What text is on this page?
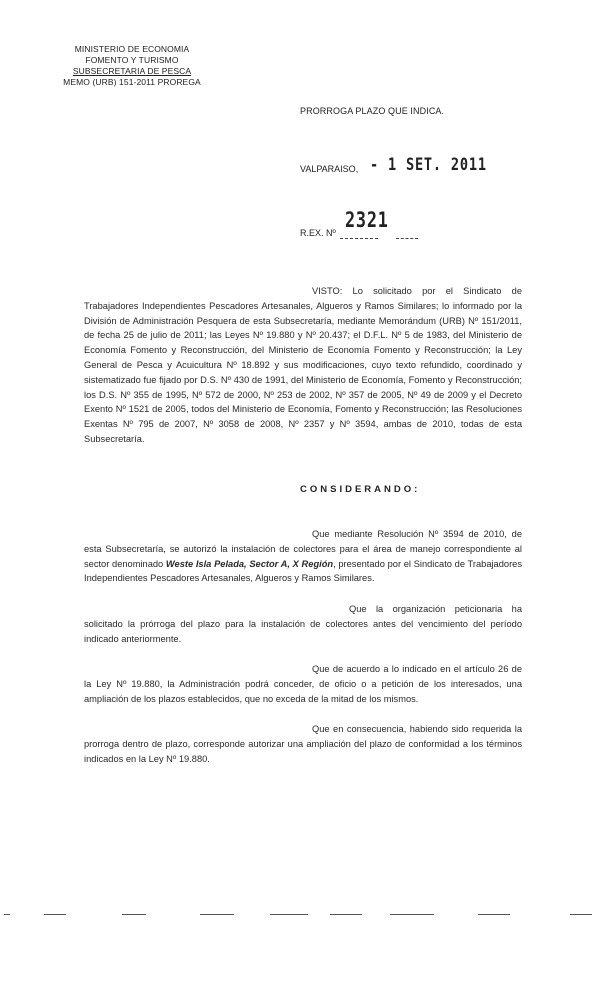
MINISTERIO DE ECONOMIA
FOMENTO Y TURISMO
SUBSECRETARIA DE PESCA
MEMO (URB) 151-2011 PROREGA
PRORROGA PLAZO QUE INDICA.
VALPARAISO, - 1 SET. 2011
R.EX. Nº
2321
VISTO: Lo solicitado por el Sindicato de Trabajadores Independientes Pescadores Artesanales, Algueros y Ramos Similares; lo informado por la División de Administración Pesquera de esta Subsecretaría, mediante Memorándum (URB) Nº 151/2011, de fecha 25 de julio de 2011; las Leyes Nº 19.880 y Nº 20.437; el D.F.L. Nº 5 de 1983, del Ministerio de Economía Fomento y Reconstrucción, del Ministerio de Economía Fomento y Reconstrucción; la Ley General de Pesca y Acuicultura Nº 18.892 y sus modificaciones, cuyo texto refundido, coordinado y sistematizado fue fijado por D.S. Nº 430 de 1991, del Ministerio de Economía, Fomento y Reconstrucción; los D.S. Nº 355 de 1995, Nº 572 de 2000, Nº 253 de 2002, Nº 357 de 2005, Nº 49 de 2009 y el Decreto Exento Nº 1521 de 2005, todos del Ministerio de Economía, Fomento y Reconstrucción; las Resoluciones Exentas Nº 795 de 2007, Nº 3058 de 2008, Nº 2357 y Nº 3594, ambas de 2010, todas de esta Subsecretaría.
CONSIDERANDO:
Que mediante Resolución Nº 3594 de 2010, de esta Subsecretaría, se autorizó la instalación de colectores para el área de manejo correspondiente al sector denominado Weste Isla Pelada, Sector A, X Región, presentado por el Sindicato de Trabajadores Independientes Pescadores Artesanales, Algueros y Ramos Similares.
Que la organización peticionaria ha solicitado la prórroga del plazo para la instalación de colectores antes del vencimiento del período indicado anteriormente.
Que de acuerdo a lo indicado en el artículo 26 de la Ley Nº 19.880, la Administración podrá conceder, de oficio o a petición de los interesados, una ampliación de los plazos establecidos, que no exceda de la mitad de los mismos.
Que en consecuencia, habiendo sido requerida la prorroga dentro de plazo, corresponde autorizar una ampliación del plazo de conformidad a los términos indicados en la Ley Nº 19.880.
